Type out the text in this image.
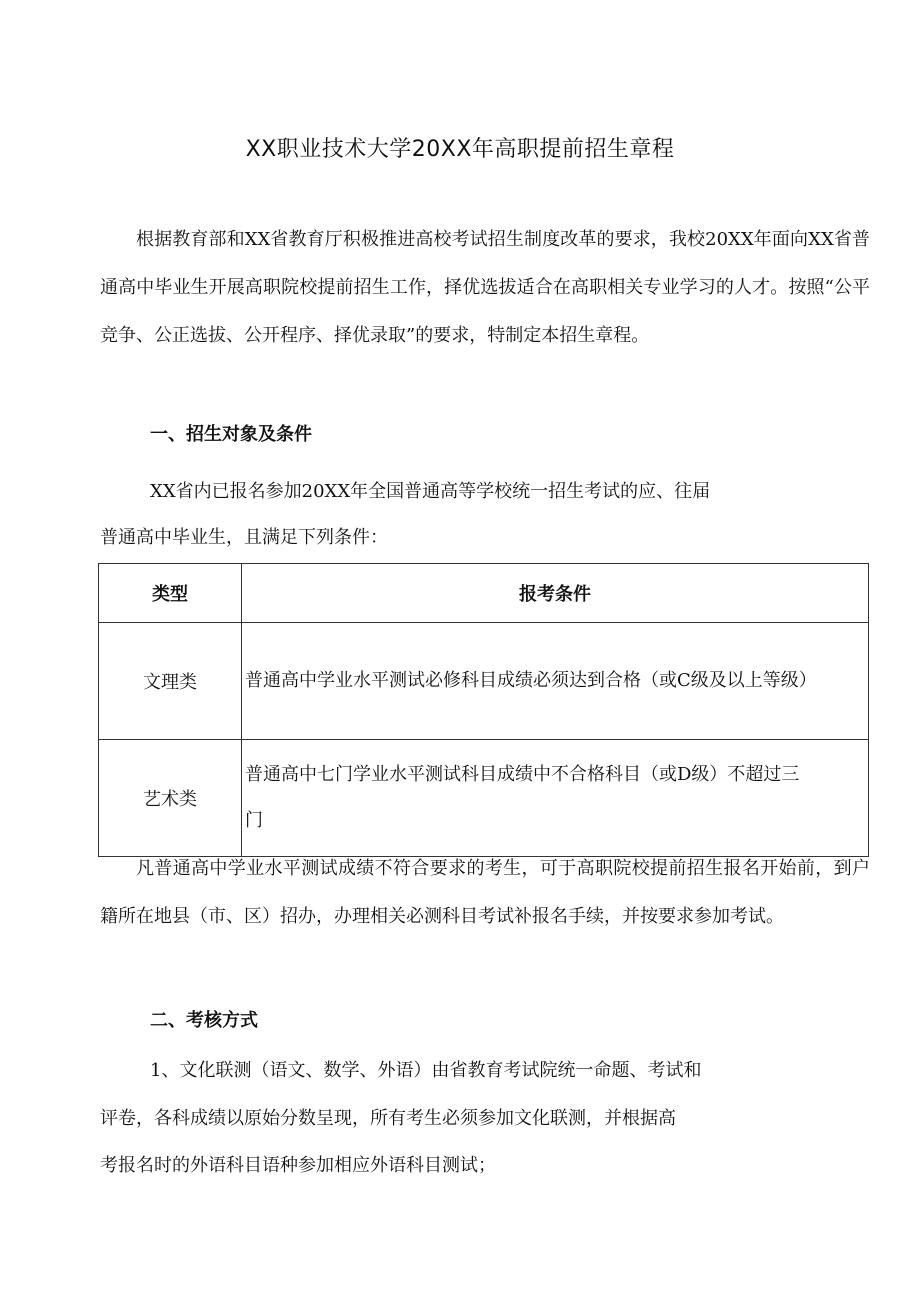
XX职业技术大学20XX年高职提前招生章程

根据教育部和XX省教育厅积极推进高校考试招生制度改革的要求，我校20XX年面向XX省普通高中毕业生开展高职院校提前招生工作，择优选拔适合在高职相关专业学习的人才。按照“公平竞争、公正选拔、公开程序、择优录取”的要求，特制定本招生章程。

一、招生对象及条件
XX省内已报名参加20XX年全国普通高等学校统一招生考试的应、往届
普通高中毕业生，且满足下列条件：
类型	报考条件
文理类	普通高中学业水平测试必修科目成绩必须达到合格（或C级及以上等级）
艺术类	普通高中七门学业水平测试科目成绩中不合格科目（或D级）不超过三门

凡普通高中学业水平测试成绩不符合要求的考生，可于高职院校提前招生报名开始前，到户籍所在地县（市、区）招办，办理相关必测科目考试补报名手续，并按要求参加考试。

二、考核方式
1、文化联测（语文、数学、外语）由省教育考试院统一命题、考试和
评卷，各科成绩以原始分数呈现，所有考生必须参加文化联测，并根据高
考报名时的外语科目语种参加相应外语科目测试；
